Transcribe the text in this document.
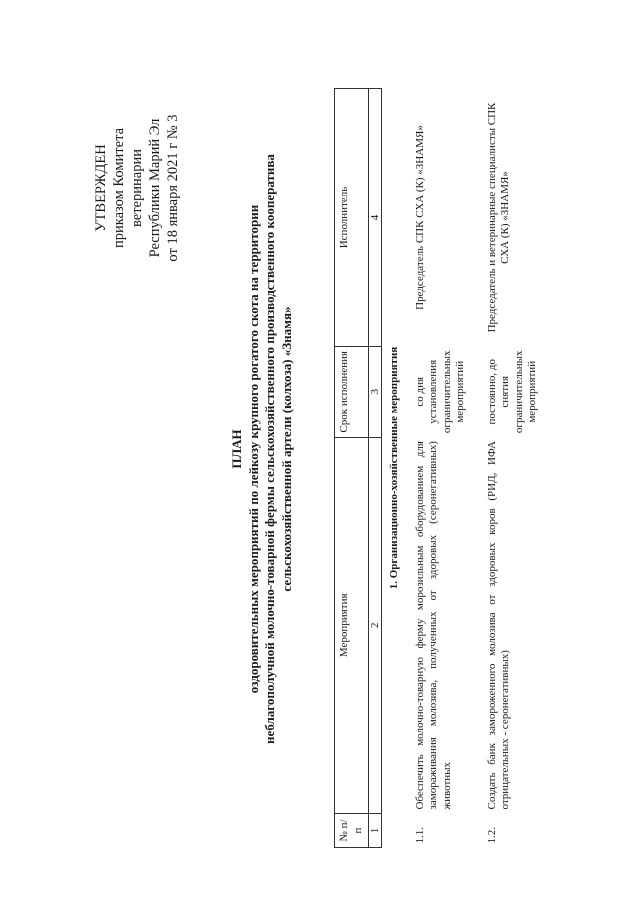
УТВЕРЖДЕН приказом Комитета ветеринарии Республики Марий Эл от 18 января 2021 г № 3
ПЛАН оздоровительных мероприятий по лейкозу крупного рогатого скота на территории неблагополучной молочно-товарной фермы сельскохозяйственного производственного кооператива сельскохозяйственной артели (колхоза) «Знамя»
№ п/п	Мероприятия	Срок исполнения	Исполнитель
1	2	3	4
1. Организационно-хозяйственные мероприятия			
1.1.	Обеспечить молочно-товарную ферму морозильным оборудованием для замораживания молозива, полученных от здоровых (серонегативных) животных	со дня установления ограничительных мероприятий	Председатель СПК СХА (К) «ЗНАМЯ»
1.2.	Создать банк замороженного молозива от здоровых коров (РИД, ИФА отрицательных - серонегативных)	постоянно, до снятия ограничительных мероприятий	Председатель и ветеринарные специалисты СПК СХА (К) «ЗНАМЯ»
